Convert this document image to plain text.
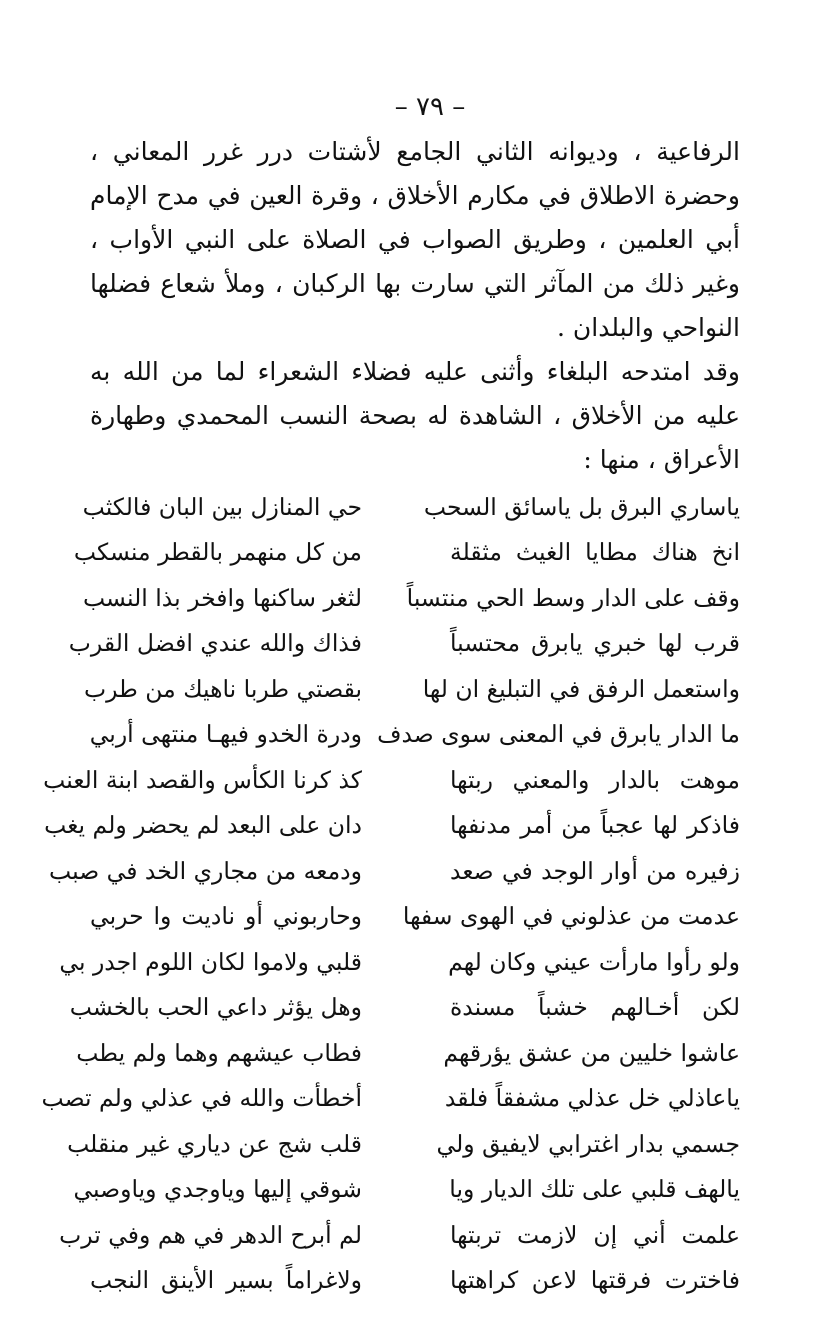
– ٧٩ –

الرفاعية ، وديوانه الثاني الجامع لأشتات درر غرر المعاني ، وحضرة الاطلاق في مكارم الأخلاق ، وقرة العين في مدح الإمام أبي العلمين ، وطريق الصواب في الصلاة على النبي الأواب ، وغير ذلك من المآثر التي سارت بها الركبان ، وملأ شعاع فضلها النواحي والبلدان .

وقد امتدحه البلغاء وأثنى عليه فضلاء الشعراء لما من الله به عليه من الأخلاق ، الشاهدة له بصحة النسب المحمدي وطهارة الأعراق ، منها :

ياساري البرق بل ياسائق السحب
حي المنازل بين البان فالكثب
انخ هناك مطايا الغيث مثقلة
من كل منهمر بالقطر منسكب
وقف على الدار وسط الحي منتسباً
لثغر ساكنها وافخر بذا النسب
قرب لها خبري يابرق محتسباً
فذاك والله عندي افضل القرب
واستعمل الرفق في التبليغ ان لها
بقصتي طربا ناهيك من طرب
ما الدار يابرق في المعنى سوى صدف
ودرة الخدو فيهـا منتهى أربي
موهت بالدار والمعني ربتها
كذ كرنا الكأس والقصد ابنة العنب
فاذكر لها عجباً من أمر مدنفها
دان على البعد لم يحضر ولم يغب
زفيره من أوار الوجد في صعد
ودمعه من مجاري الخد في صبب
عدمت من عذلوني في الهوى سفها
وحاربوني أو ناديت وا حربي
ولو رأوا مارأت عيني وكان لهم
قلبي ولاموا لكان اللوم اجدر بي
لكن أخـالهم خشباً مسندة
وهل يؤثر داعي الحب بالخشب
عاشوا خليين من عشق يؤرقهم
فطاب عيشهم وهما ولم يطب
ياعاذلي خل عذلي مشفقاً فلقد
أخطأت والله في عذلي ولم تصب
جسمي بدار اغترابي لايفيق ولي
قلب شج عن دياري غير منقلب
يالهف قلبي على تلك الديار ويا
شوقي إليها وياوجدي وياوصبي
علمت أني إن لازمت تربتها
لم أبرح الدهر في هم وفي ترب
فاخترت فرقتها لاعن كراهتها
ولاغراماً بسير الأينق النجب
